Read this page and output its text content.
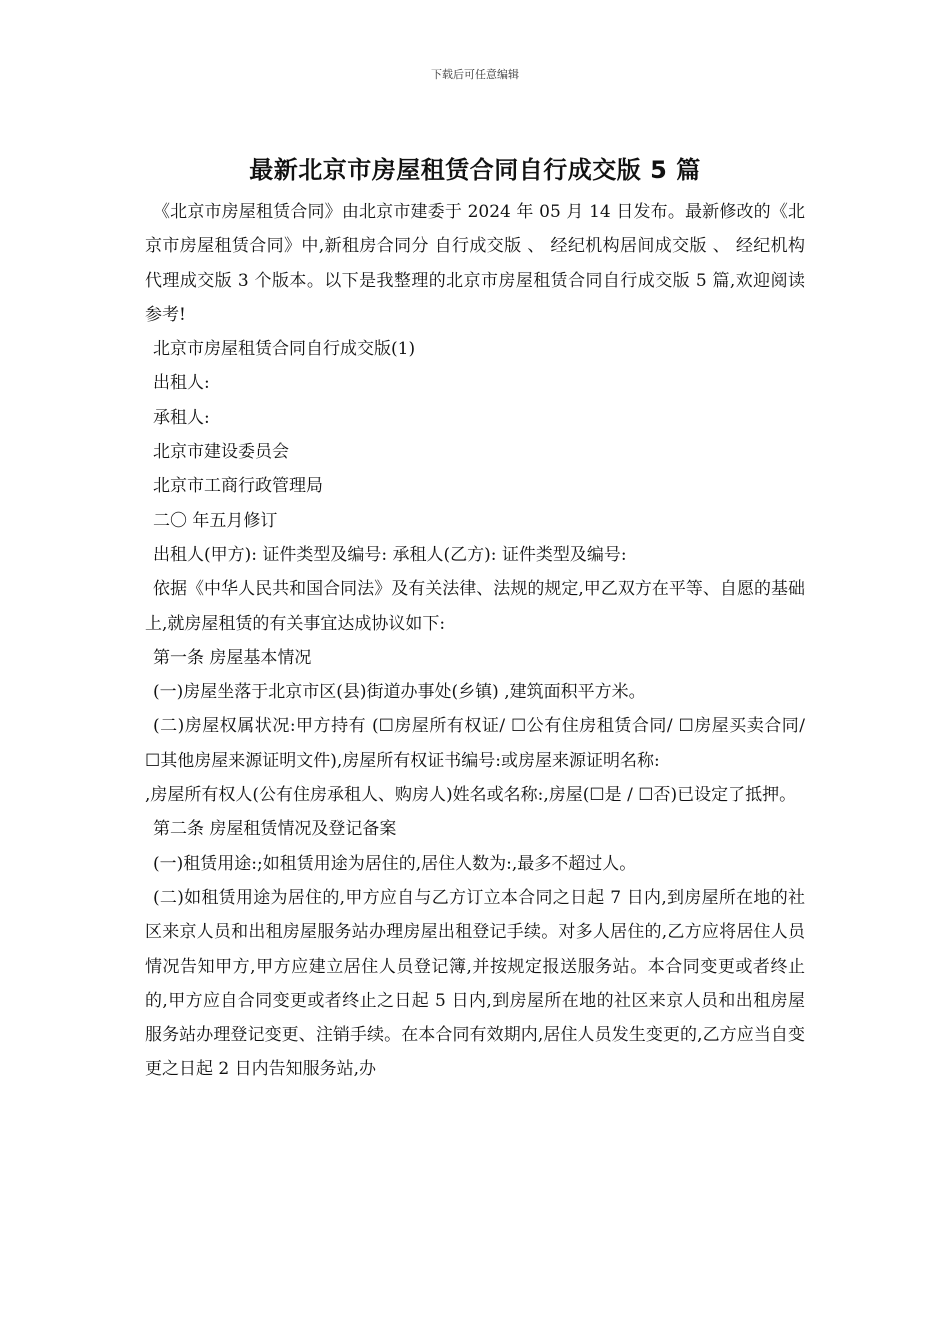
下载后可任意编辑
最新北京市房屋租赁合同自行成交版 5 篇

《北京市房屋租赁合同》由北京市建委于 2024 年 05 月 14 日发布。最新修改的《北京市房屋租赁合同》中,新租房合同分 自行成交版 、 经纪机构居间成交版 、 经纪机构代理成交版 3 个版本。以下是我整理的北京市房屋租赁合同自行成交版 5 篇,欢迎阅读参考!

北京市房屋租赁合同自行成交版(1)

出租人:

承租人:

北京市建设委员会

北京市工商行政管理局

二〇 年五月修订

出租人(甲方): 证件类型及编号: 承租人(乙方): 证件类型及编号:

依据《中华人民共和国合同法》及有关法律、法规的规定,甲乙双方在平等、自愿的基础上,就房屋租赁的有关事宜达成协议如下:

第一条 房屋基本情况

(一)房屋坐落于北京市区(县)街道办事处(乡镇) ,建筑面积平方米。

(二)房屋权属状况:甲方持有 (☐房屋所有权证/ ☐公有住房租赁合同/ ☐房屋买卖合同/ ☐其他房屋来源证明文件),房屋所有权证书编号:或房屋来源证明名称:

,房屋所有权人(公有住房承租人、购房人)姓名或名称:,房屋(☐是 / ☐否)已设定了抵押。

第二条 房屋租赁情况及登记备案

(一)租赁用途:;如租赁用途为居住的,居住人数为:,最多不超过人。

(二)如租赁用途为居住的,甲方应自与乙方订立本合同之日起 7 日内,到房屋所在地的社区来京人员和出租房屋服务站办理房屋出租登记手续。对多人居住的,乙方应将居住人员情况告知甲方,甲方应建立居住人员登记簿,并按规定报送服务站。本合同变更或者终止的,甲方应自合同变更或者终止之日起 5 日内,到房屋所在地的社区来京人员和出租房屋服务站办理登记变更、注销手续。在本合同有效期内,居住人员发生变更的,乙方应当自变更之日起 2 日内告知服务站,办
